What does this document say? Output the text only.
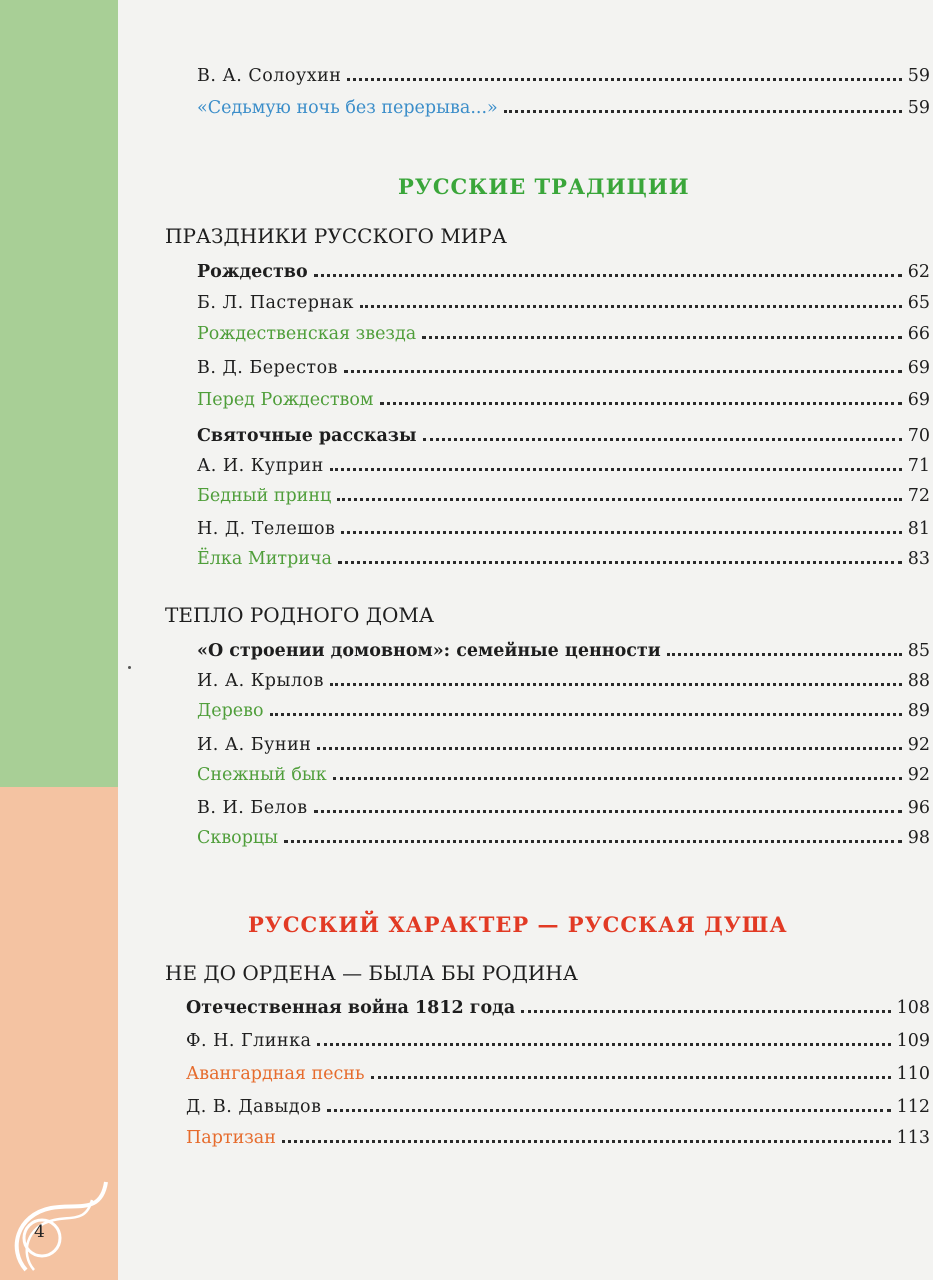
4
В. А. Солоухин	59
«Седьмую ночь без перерыва...»	59
РУССКИЕ ТРАДИЦИИ
ПРАЗДНИКИ РУССКОГО МИРА
Рождество	62
Б. Л. Пастернак	65
Рождественская звезда	66
В. Д. Берестов	69
Перед Рождеством	69
Святочные рассказы	70
А. И. Куприн	71
Бедный принц	72
Н. Д. Телешов	81
Ёлка Митрича	83
ТЕПЛО РОДНОГО ДОМА
«О строении домовном»: семейные ценности	85
И. А. Крылов	88
Дерево	89
И. А. Бунин	92
Снежный бык	92
В. И. Белов	96
Скворцы	98
РУССКИЙ ХАРАКТЕР — РУССКАЯ ДУША
НЕ ДО ОРДЕНА — БЫЛА БЫ РОДИНА
Отечественная война 1812 года	108
Ф. Н. Глинка	109
Авангардная песнь	110
Д. В. Давыдов	112
Партизан	113
